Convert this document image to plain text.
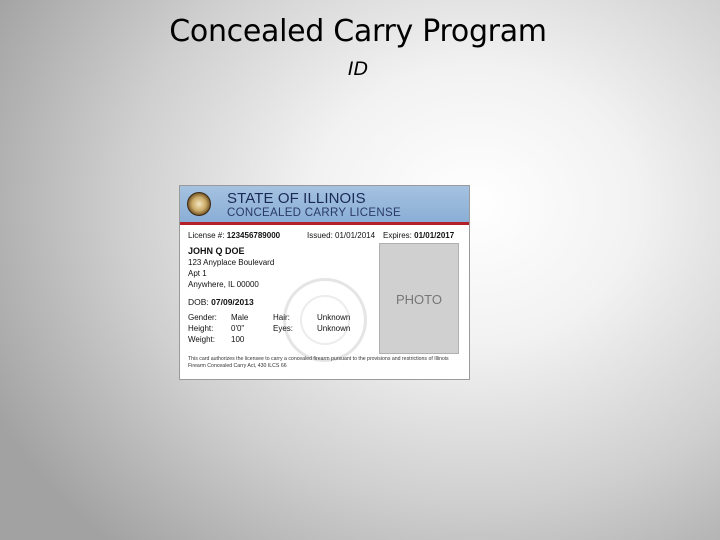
Concealed Carry Program
ID
STATE OF ILLINOIS
CONCEALED CARRY LICENSE
License #: 123456789000	Issued: 01/01/2014 Expires: 01/01/2017
JOHN Q DOE
123 Anyplace Boulevard
Apt 1
Anywhere, IL 00000
DOB: 07/09/2013
Gender: Male	Hair:	Unknown
Height: 0'0"	Eyes:	Unknown
Weight: 100
PHOTO
This card authorizes the licensee to carry a concealed firearm pursuant to the provisions and restrictions of Illinois Firearm Concealed Carry Act, 430 ILCS 66
